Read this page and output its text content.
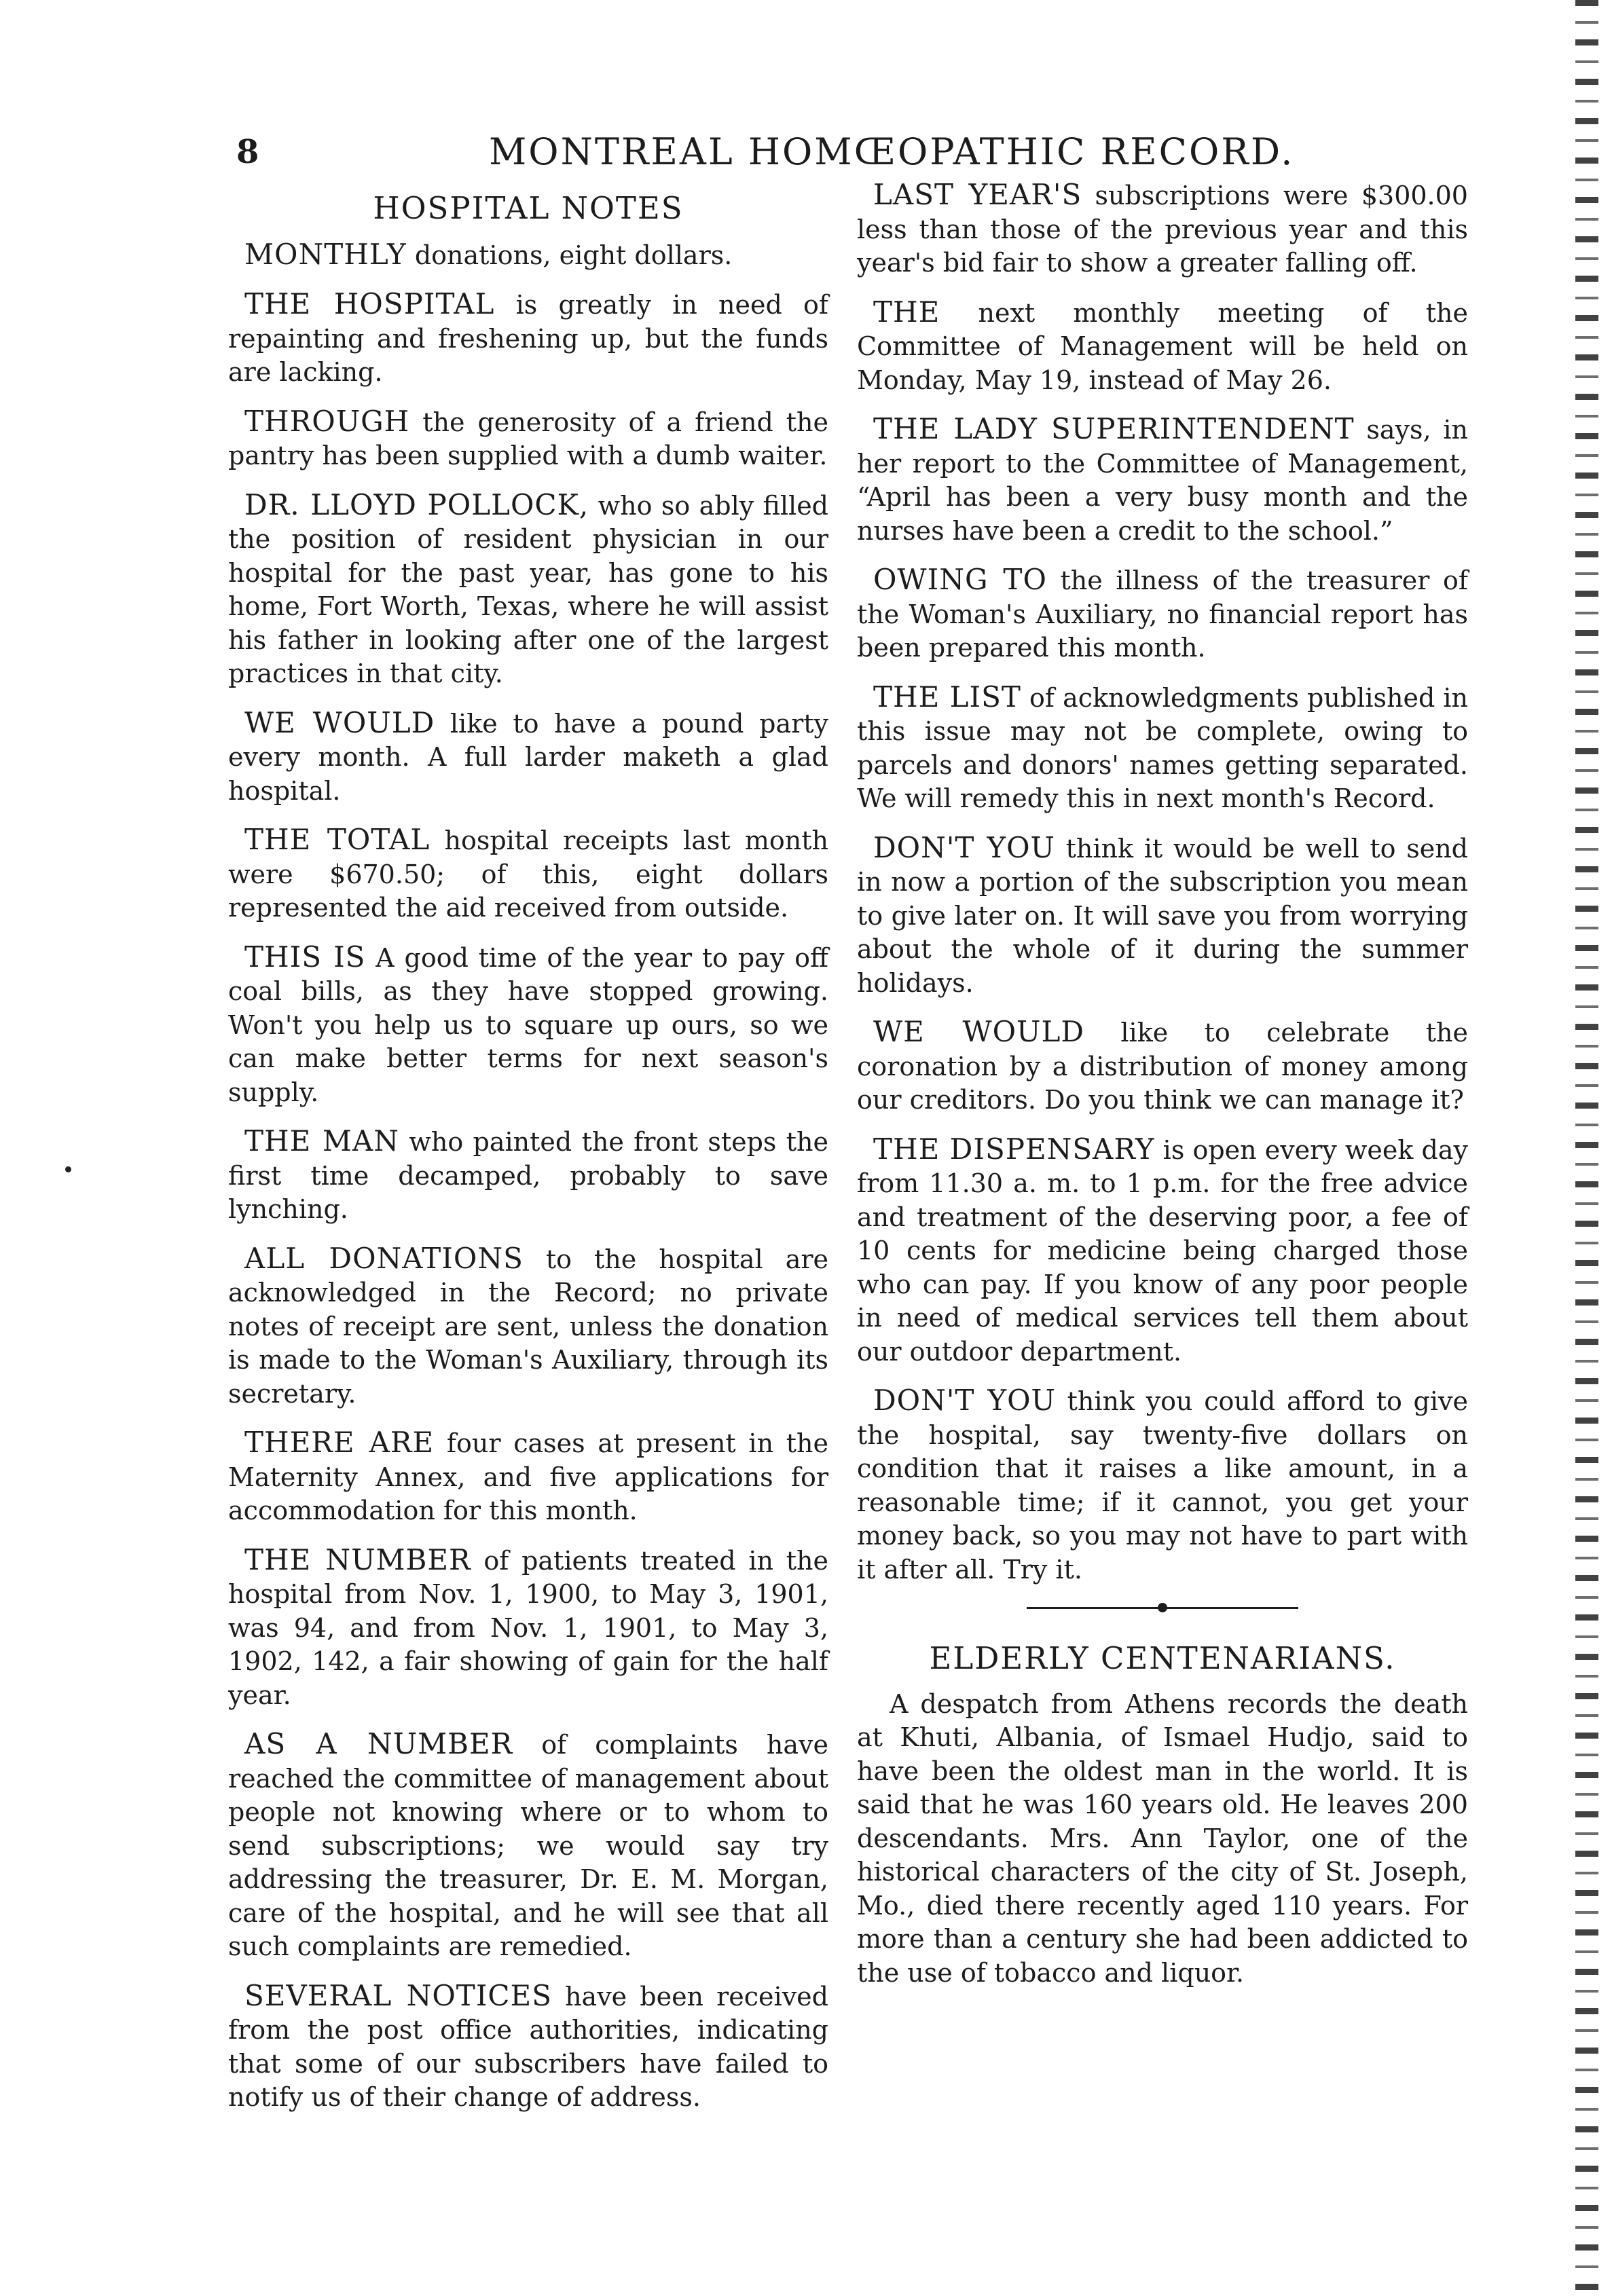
8	MONTREAL HOMŒOPATHIC RECORD.
HOSPITAL NOTES

MONTHLY donations, eight dollars.

THE HOSPITAL is greatly in need of repainting and freshening up, but the funds are lacking.

THROUGH the generosity of a friend the pantry has been supplied with a dumb waiter.

DR. LLOYD POLLOCK, who so ably filled the position of resident physician in our hospital for the past year, has gone to his home, Fort Worth, Texas, where he will assist his father in looking after one of the largest practices in that city.

WE WOULD like to have a pound party every month. A full larder maketh a glad hospital.

THE TOTAL hospital receipts last month were $670.50; of this, eight dollars represented the aid received from outside.

THIS IS A good time of the year to pay off coal bills, as they have stopped growing. Won't you help us to square up ours, so we can make better terms for next season's supply.

THE MAN who painted the front steps the first time decamped, probably to save lynching.

ALL DONATIONS to the hospital are acknowledged in the Record; no private notes of receipt are sent, unless the donation is made to the Woman's Auxiliary, through its secretary.

THERE ARE four cases at present in the Maternity Annex, and five applications for accommodation for this month.

THE NUMBER of patients treated in the hospital from Nov. 1, 1900, to May 3, 1901, was 94, and from Nov. 1, 1901, to May 3, 1902, 142, a fair showing of gain for the half year.

AS A NUMBER of complaints have reached the committee of management about people not knowing where or to whom to send subscriptions; we would say try addressing the treasurer, Dr. E. M. Morgan, care of the hospital, and he will see that all such complaints are remedied.

SEVERAL NOTICES have been received from the post office authorities, indicating that some of our subscribers have failed to notify us of their change of address.

LAST YEAR'S subscriptions were $300.00 less than those of the previous year and this year's bid fair to show a greater falling off.

THE next monthly meeting of the Committee of Management will be held on Monday, May 19, instead of May 26.

THE LADY SUPERINTENDENT says, in her report to the Committee of Management, “April has been a very busy month and the nurses have been a credit to the school.”

OWING TO the illness of the treasurer of the Woman's Auxiliary, no financial report has been prepared this month.

THE LIST of acknowledgments published in this issue may not be complete, owing to parcels and donors' names getting separated. We will remedy this in next month's Record.

DON'T YOU think it would be well to send in now a portion of the subscription you mean to give later on. It will save you from worrying about the whole of it during the summer holidays.

WE WOULD like to celebrate the coronation by a distribution of money among our creditors. Do you think we can manage it?

THE DISPENSARY is open every week day from 11.30 a. m. to 1 p.m. for the free advice and treatment of the deserving poor, a fee of 10 cents for medicine being charged those who can pay. If you know of any poor people in need of medical services tell them about our outdoor department.

DON'T YOU think you could afford to give the hospital, say twenty-five dollars on condition that it raises a like amount, in a reasonable time; if it cannot, you get your money back, so you may not have to part with it after all. Try it.

ELDERLY CENTENARIANS.

A despatch from Athens records the death at Khuti, Albania, of Ismael Hudjo, said to have been the oldest man in the world. It is said that he was 160 years old. He leaves 200 descendants. Mrs. Ann Taylor, one of the historical characters of the city of St. Joseph, Mo., died there recently aged 110 years. For more than a century she had been addicted to the use of tobacco and liquor.
